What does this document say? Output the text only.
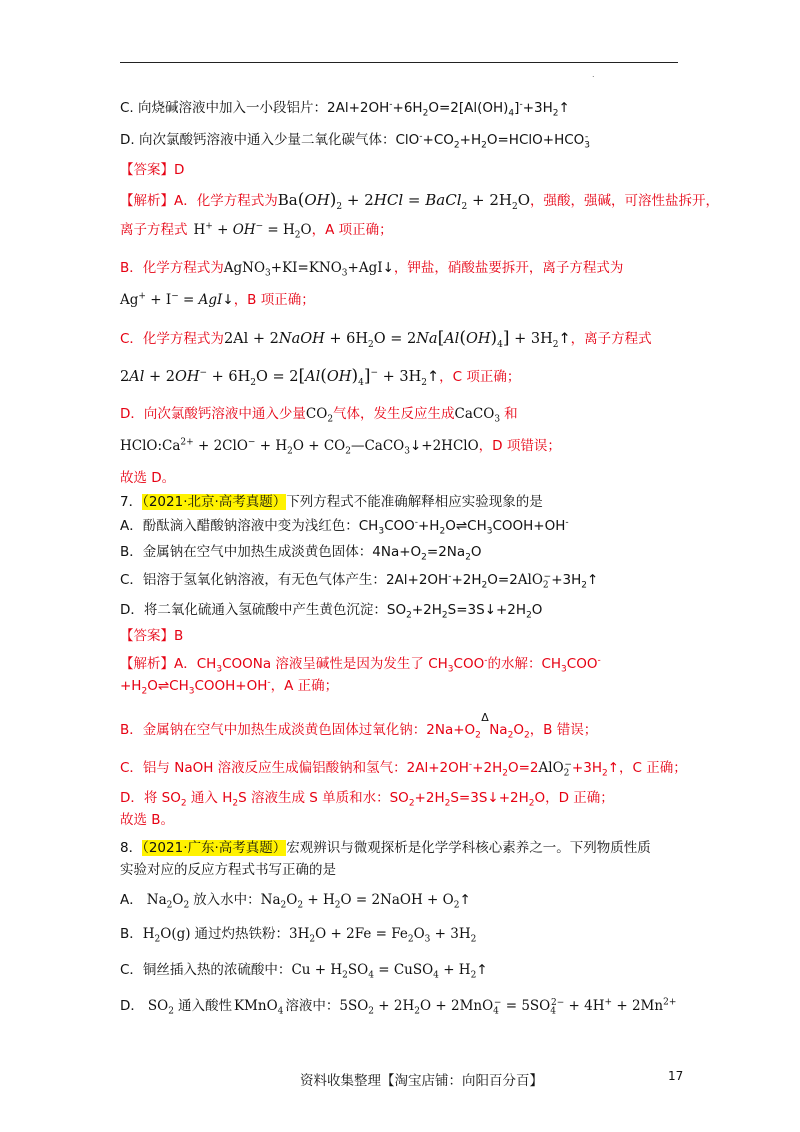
.
C. 向烧碱溶液中加入一小段铝片：$2Al+2OH^-+6H_2O=2[Al(OH)_4]^-+3H_2↑$
D. 向次氯酸钙溶液中通入少量二氧化碳气体：$ClO^-+CO_2+H_2O=HClO+HCO_3^-$
【答案】D
【解析】A．化学方程式为$Ba(OH)_2 + 2HCl$ = BaCl$_2$ + $2H_2O$，强酸，强碱，可溶性盐拆开，
离子方程式 $H^+ + OH^- = H_2O$，A 项正确；
B．化学方程式为$AgNO_3+KI=KNO_3+AgI↓$，钾盐，硝酸盐要拆开，离子方程式为
Ag+ + I− = AgI↓，B 项正确；
C．化学方程式为2Al + 2NaOH + $6H_2O = 2Na[Al(OH)_4]$ + $3H_2↑$，离子方程式
$2Al + 2OH^- + 6H_2O = 2[Al(OH)_4]^-$ + $3H_2↑$，C 项正确；
D．向次氯酸钙溶液中通入少量$CO_2$气体，发生反应生成CaCO$_3$ 和
$HClO:Ca^{2+} + 2ClO^- + H_2O$ + $CO_2—CaCO_3↓+2HClO$，D 项错误；
故选 D。
7．（2021·北京·高考真题）下列方程式不能准确解释相应实验现象的是
A．酚酞滴入醋酸钠溶液中变为浅红色：$CH_3COO^-+H_2O\rightleftharpoons CH_3COOH+OH^-$
B．金属钠在空气中加热生成淡黄色固体：$4Na+O_2=2Na_2O$
C．铝溶于氢氧化钠溶液，有无色气体产生：$2Al+2OH^-+2H_2O=2AlO_2^-+3H_2↑$
D．将二氧化硫通入氢硫酸中产生黄色沉淀：$SO_2+2H_2S=3S↓+2H_2O$
【答案】B
【解析】A．$CH_3COONa$ 溶液呈碱性是因为发生了 $CH_3COO^-$的水解：$CH_3COO^-$
$+H_2O\rightleftharpoons CH_3COOH+OH^-$，A 正确；
B．金属钠在空气中加热生成淡黄色固体过氧化钠：$2Na+O_2$
Δ
$Na_2O_2$，B 错误；
C．铝与 NaOH 溶液反应生成偏铝酸钠和氢气：$2Al+2OH^-+2H_2O=2AlO_2^-+3H_2↑$，C 正确；
D．将 $SO_2$ 通入 $H_2S$ 溶液生成 S 单质和水：$SO_2+2H_2S=3S↓+2H_2O$，D 正确；
故选 B。
8．（2021·广东·高考真题）宏观辨识与微观探析是化学学科核心素养之一。下列物质性质
实验对应的反应方程式书写正确的是
A． $Na_2O_2$ 放入水中：$Na_2O_2 + H_2O$ = 2NaOH + $O_2↑$
B．$H_2O(g)$ 通过灼热铁粉：$3H_2O + 2Fe = Fe_2O_3 + 3H_2$
C．铜丝插入热的浓硫酸中：$Cu + H_2SO_4$ = CuSO$_4$ + $H_2↑$
D． $SO_2$ 通入酸性 KMnO$_4$ 溶液中：$5SO_2 + 2H_2O + 2MnO_4^- = 5SO_4^{2-} + 4H^+ + 2Mn^{2+}$
资料收集整理【淘宝店铺：向阳百分百】	17
